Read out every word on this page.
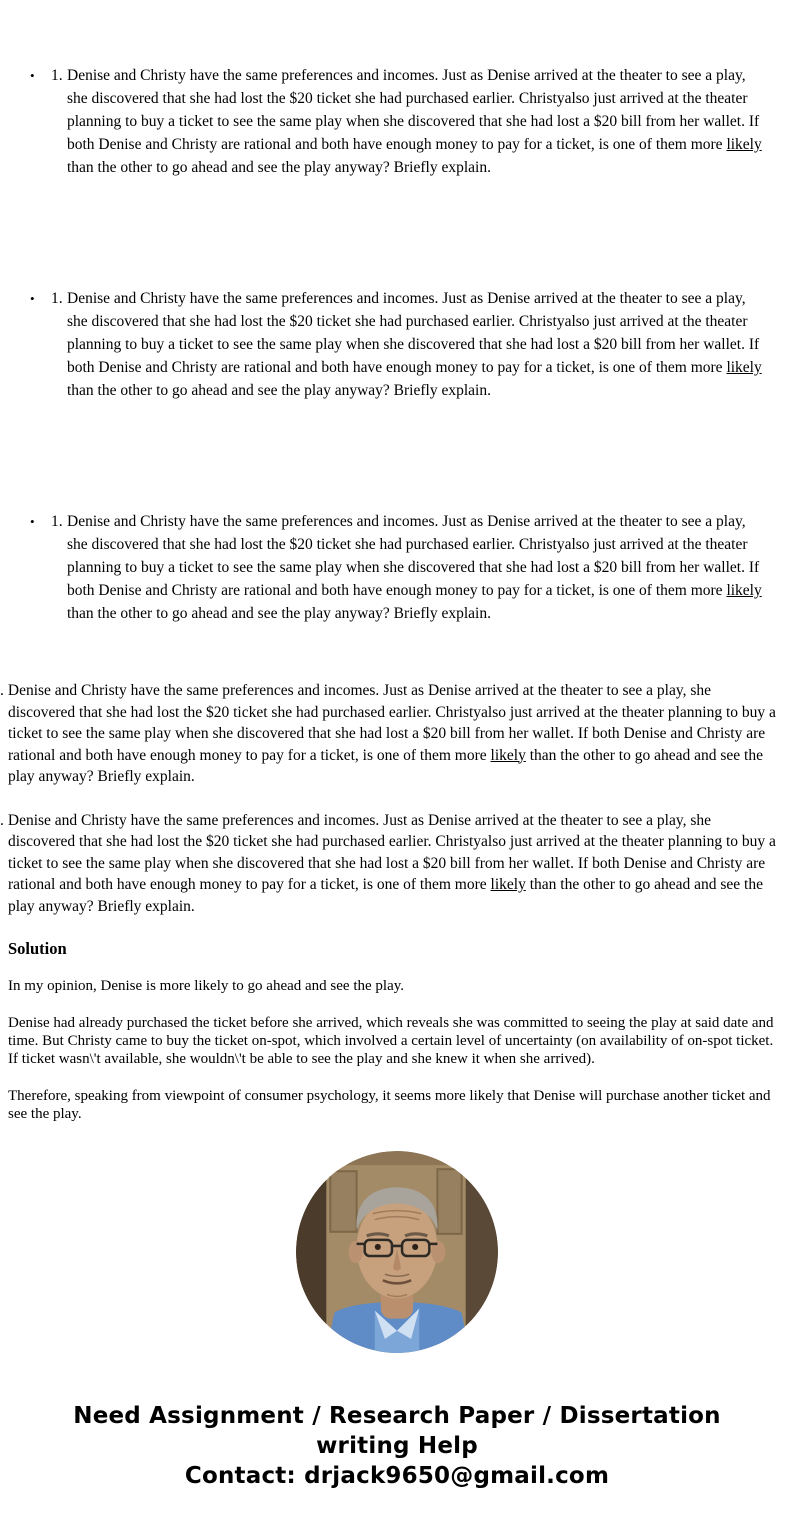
•	1. Denise and Christy have the same preferences and incomes. Just as Denise arrived at the theater to see a play, she discovered that she had lost the $20 ticket she had purchased earlier. Christyalso just arrived at the theater planning to buy a ticket to see the same play when she discovered that she had lost a $20 bill from her wallet. If both Denise and Christy are rational and both have enough money to pay for a ticket, is one of them more likely than the other to go ahead and see the play anyway? Briefly explain.

•	1. Denise and Christy have the same preferences and incomes. Just as Denise arrived at the theater to see a play, she discovered that she had lost the $20 ticket she had purchased earlier. Christyalso just arrived at the theater planning to buy a ticket to see the same play when she discovered that she had lost a $20 bill from her wallet. If both Denise and Christy are rational and both have enough money to pay for a ticket, is one of them more likely than the other to go ahead and see the play anyway? Briefly explain.

•	1. Denise and Christy have the same preferences and incomes. Just as Denise arrived at the theater to see a play, she discovered that she had lost the $20 ticket she had purchased earlier. Christyalso just arrived at the theater planning to buy a ticket to see the same play when she discovered that she had lost a $20 bill from her wallet. If both Denise and Christy are rational and both have enough money to pay for a ticket, is one of them more likely than the other to go ahead and see the play anyway? Briefly explain.

. Denise and Christy have the same preferences and incomes. Just as Denise arrived at the theater to see a play, she discovered that she had lost the $20 ticket she had purchased earlier. Christyalso just arrived at the theater planning to buy a ticket to see the same play when she discovered that she had lost a $20 bill from her wallet. If both Denise and Christy are rational and both have enough money to pay for a ticket, is one of them more likely than the other to go ahead and see the play anyway? Briefly explain.

. Denise and Christy have the same preferences and incomes. Just as Denise arrived at the theater to see a play, she discovered that she had lost the $20 ticket she had purchased earlier. Christyalso just arrived at the theater planning to buy a ticket to see the same play when she discovered that she had lost a $20 bill from her wallet. If both Denise and Christy are rational and both have enough money to pay for a ticket, is one of them more likely than the other to go ahead and see the play anyway? Briefly explain.

Solution

In my opinion, Denise is more likely to go ahead and see the play.

Denise had already purchased the ticket before she arrived, which reveals she was committed to seeing the play at said date and time. But Christy came to buy the ticket on-spot, which involved a certain level of uncertainty (on availability of on-spot ticket. If ticket wasn\'t available, she wouldn\'t be able to see the play and she knew it when she arrived).

Therefore, speaking from viewpoint of consumer psychology, it seems more likely that Denise will purchase another ticket and see the play.

Need Assignment / Research Paper / Dissertation writing Help
Contact: drjack9650@gmail.com
